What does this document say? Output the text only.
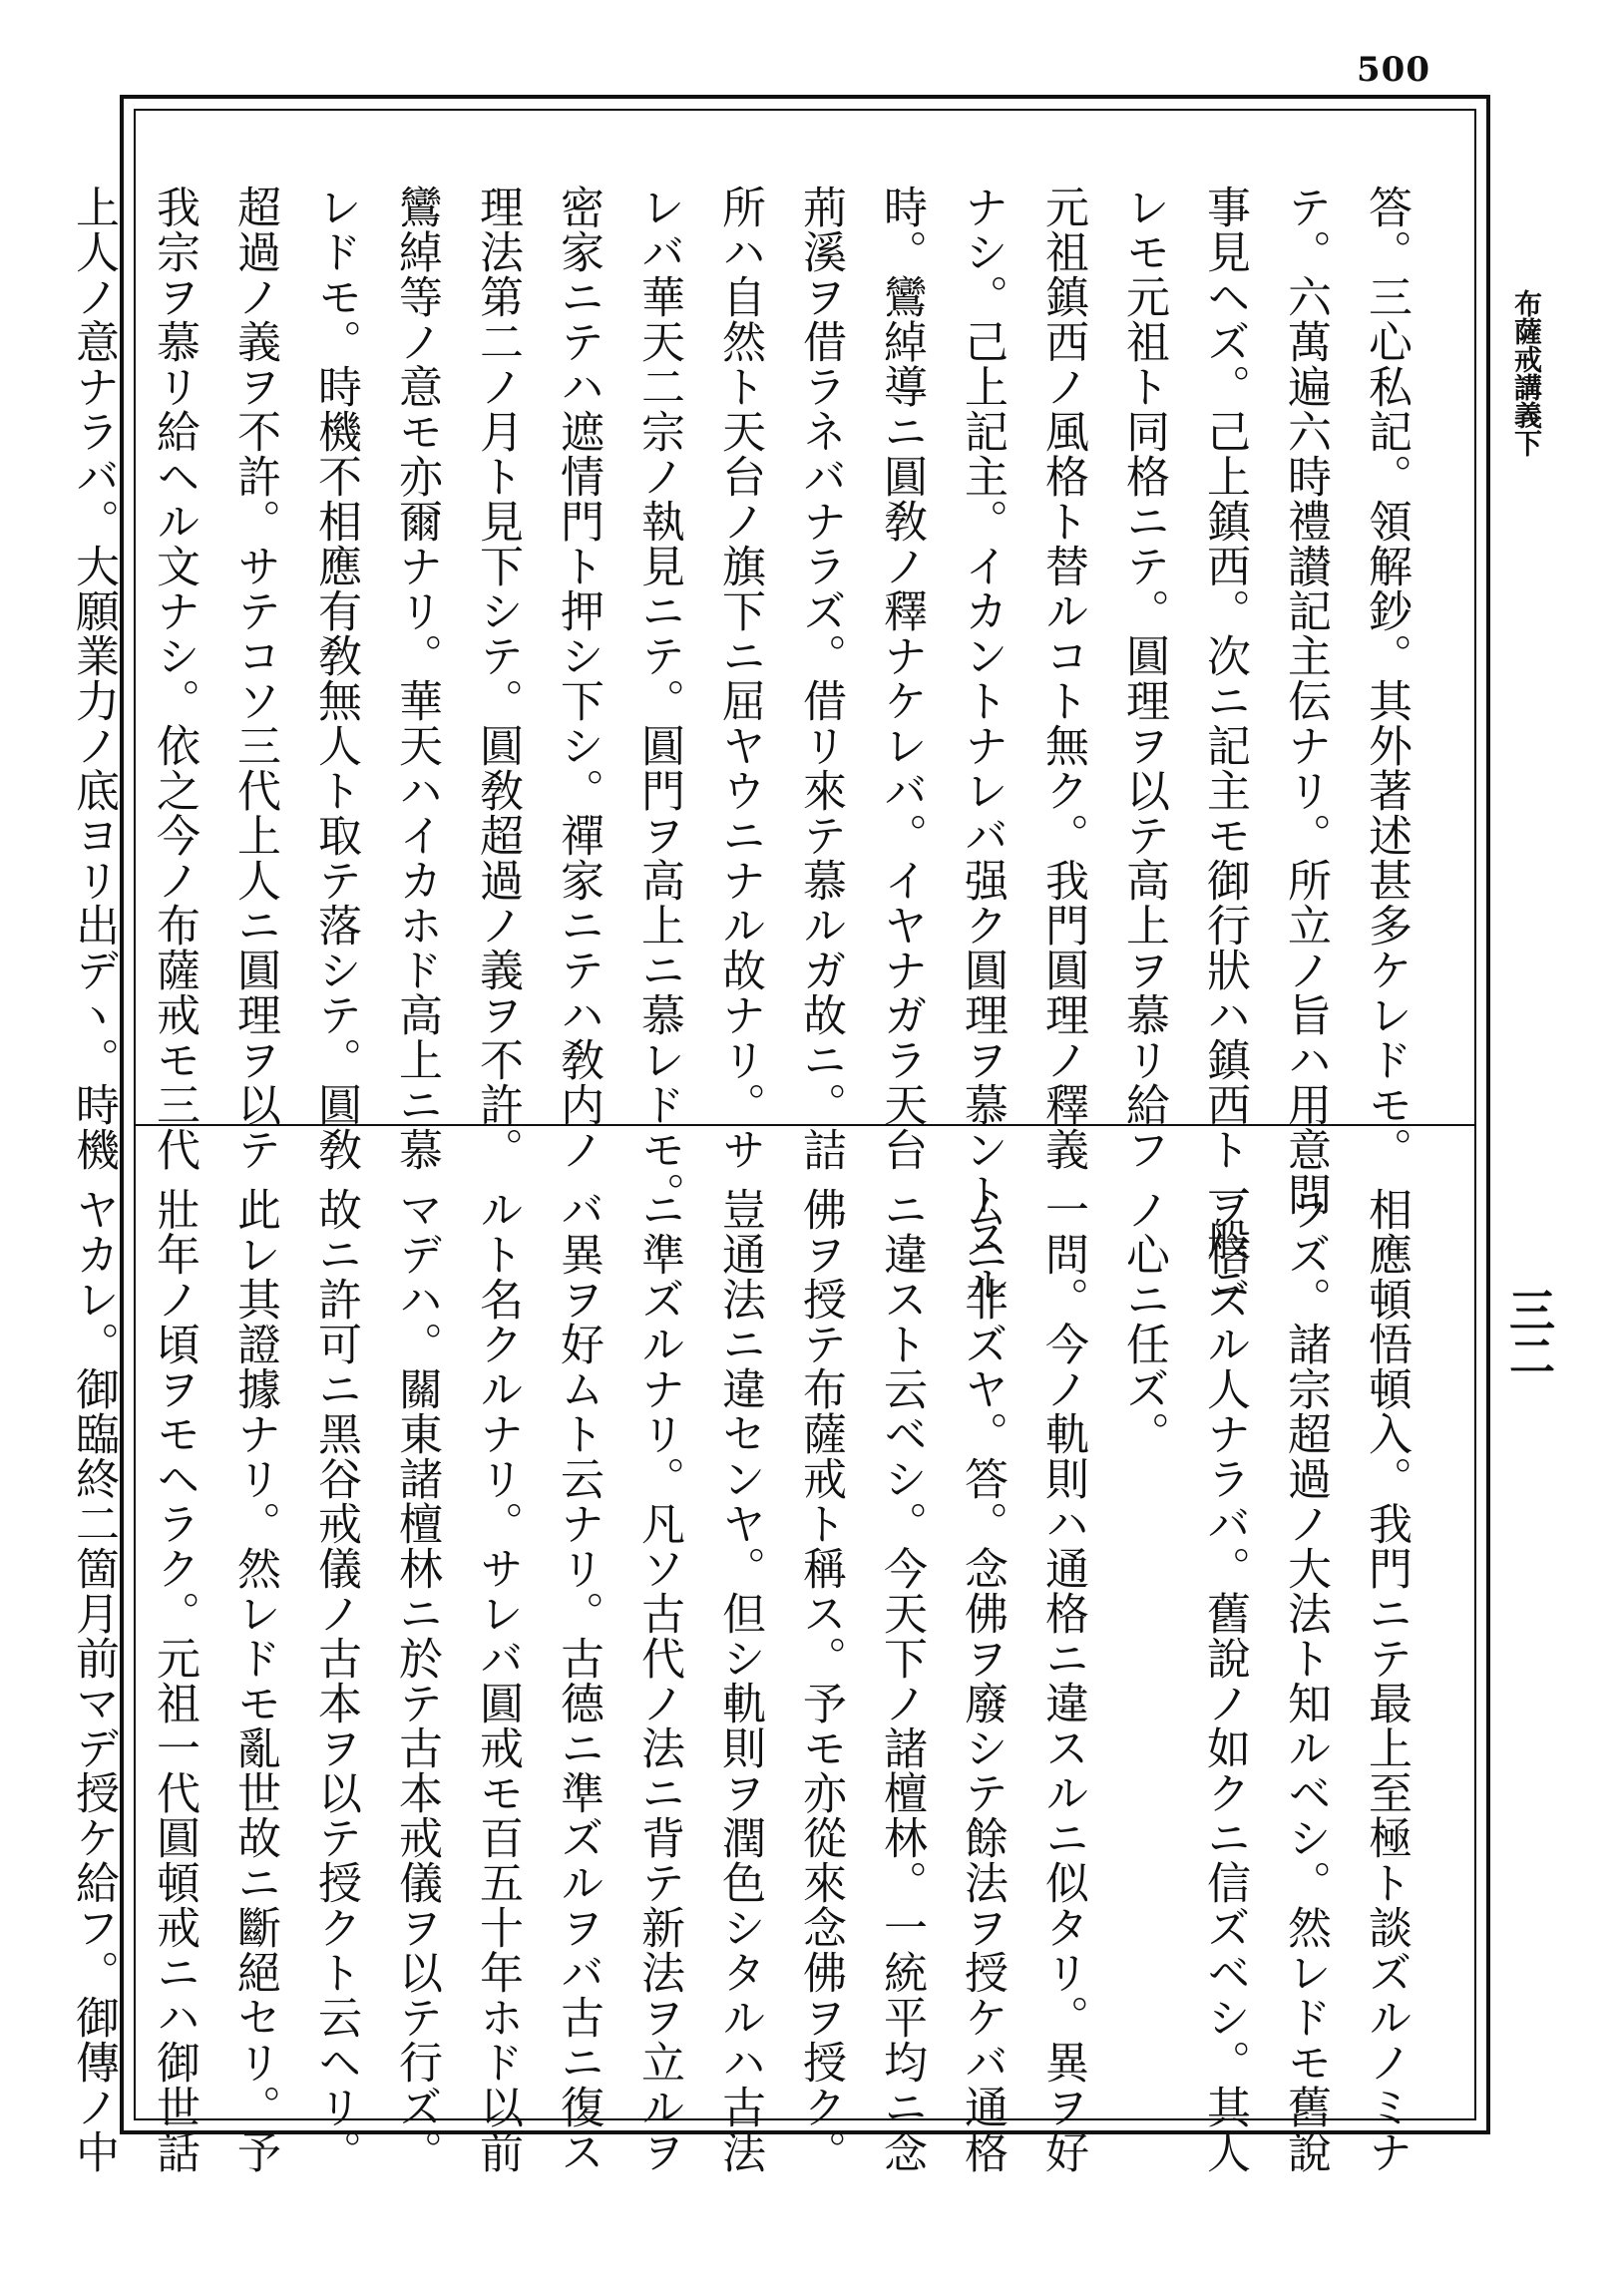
500
布薩戒講義下
三二
答。三心私記。領解鈔。其外著述甚多ケレドモ。
テ。六萬遍六時禮讃記主伝ナリ。所立ノ旨ハ用意問
事見ヘズ。己上鎮西。次ニ記主モ御行狀ハ鎮西ト一般ニ
レモ元祖ト同格ニテ。圓理ヲ以テ高上ヲ慕リ給フ
元祖鎮西ノ風格ト替ルコト無ク。我門圓理ノ釋義
ナシ。己上記主。イカントナレバ强ク圓理ヲ慕ントスル
時。鸞綽導ニ圓敎ノ釋ナケレバ。イヤナガラ天台
荊溪ヲ借ラネバナラズ。借リ來テ慕ルガ故ニ。詰
所ハ自然ト天台ノ旗下ニ屈ヤウニナル故ナリ。サ
レバ華天二宗ノ執見ニテ。圓門ヲ高上ニ慕レドモ。
密家ニテハ遮情門ト押シ下シ。禪家ニテハ敎内ノ
理法第二ノ月ト見下シテ。圓敎超過ノ義ヲ不許。
鸞綽等ノ意モ亦爾ナリ。華天ハイカホド高上ニ慕
レドモ。時機不相應有敎無人ト取テ落シテ。圓敎
超過ノ義ヲ不許。サテコソ三代上人ニ圓理ヲ以テ
我宗ヲ慕リ給ヘル文ナシ。依之今ノ布薩戒モ三代
上人ノ意ナラバ。大願業力ノ底ヨリ出デヽ。時機
相應頓悟頓入。我門ニテ最上至極ト談ズルノミナ
ラズ。諸宗超過ノ大法ト知ルベシ。然レドモ舊說
ヲ信ズル人ナラバ。舊說ノ如クニ信ズベシ。其人
ノ心ニ任ズ。
一問。今ノ軌則ハ通格ニ違スルニ似タリ。異ヲ好
ムニ非ズヤ。答。念佛ヲ廢シテ餘法ヲ授ケバ通格
ニ違スト云ベシ。今天下ノ諸檀林。一統平均ニ念
佛ヲ授テ布薩戒ト稱ス。予モ亦從來念佛ヲ授ク。
豈通法ニ違センヤ。但シ軌則ヲ潤色シタルハ古法
ニ準ズルナリ。凡ソ古代ノ法ニ背テ新法ヲ立ルヲ
バ異ヲ好ムト云ナリ。古德ニ準ズルヲバ古ニ復ス
ルト名クルナリ。サレバ圓戒モ百五十年ホド以前
マデハ。關東諸檀林ニ於テ古本戒儀ヲ以テ行ズ。
故ニ許可ニ黑谷戒儀ノ古本ヲ以テ授クト云ヘリ。
此レ其證據ナリ。然レドモ亂世故ニ斷絕セリ。予
壯年ノ頃ヲモヘラク。元祖一代圓頓戒ニハ御世話
ヤカレ。御臨終二箇月前マデ授ケ給フ。御傳ノ中
